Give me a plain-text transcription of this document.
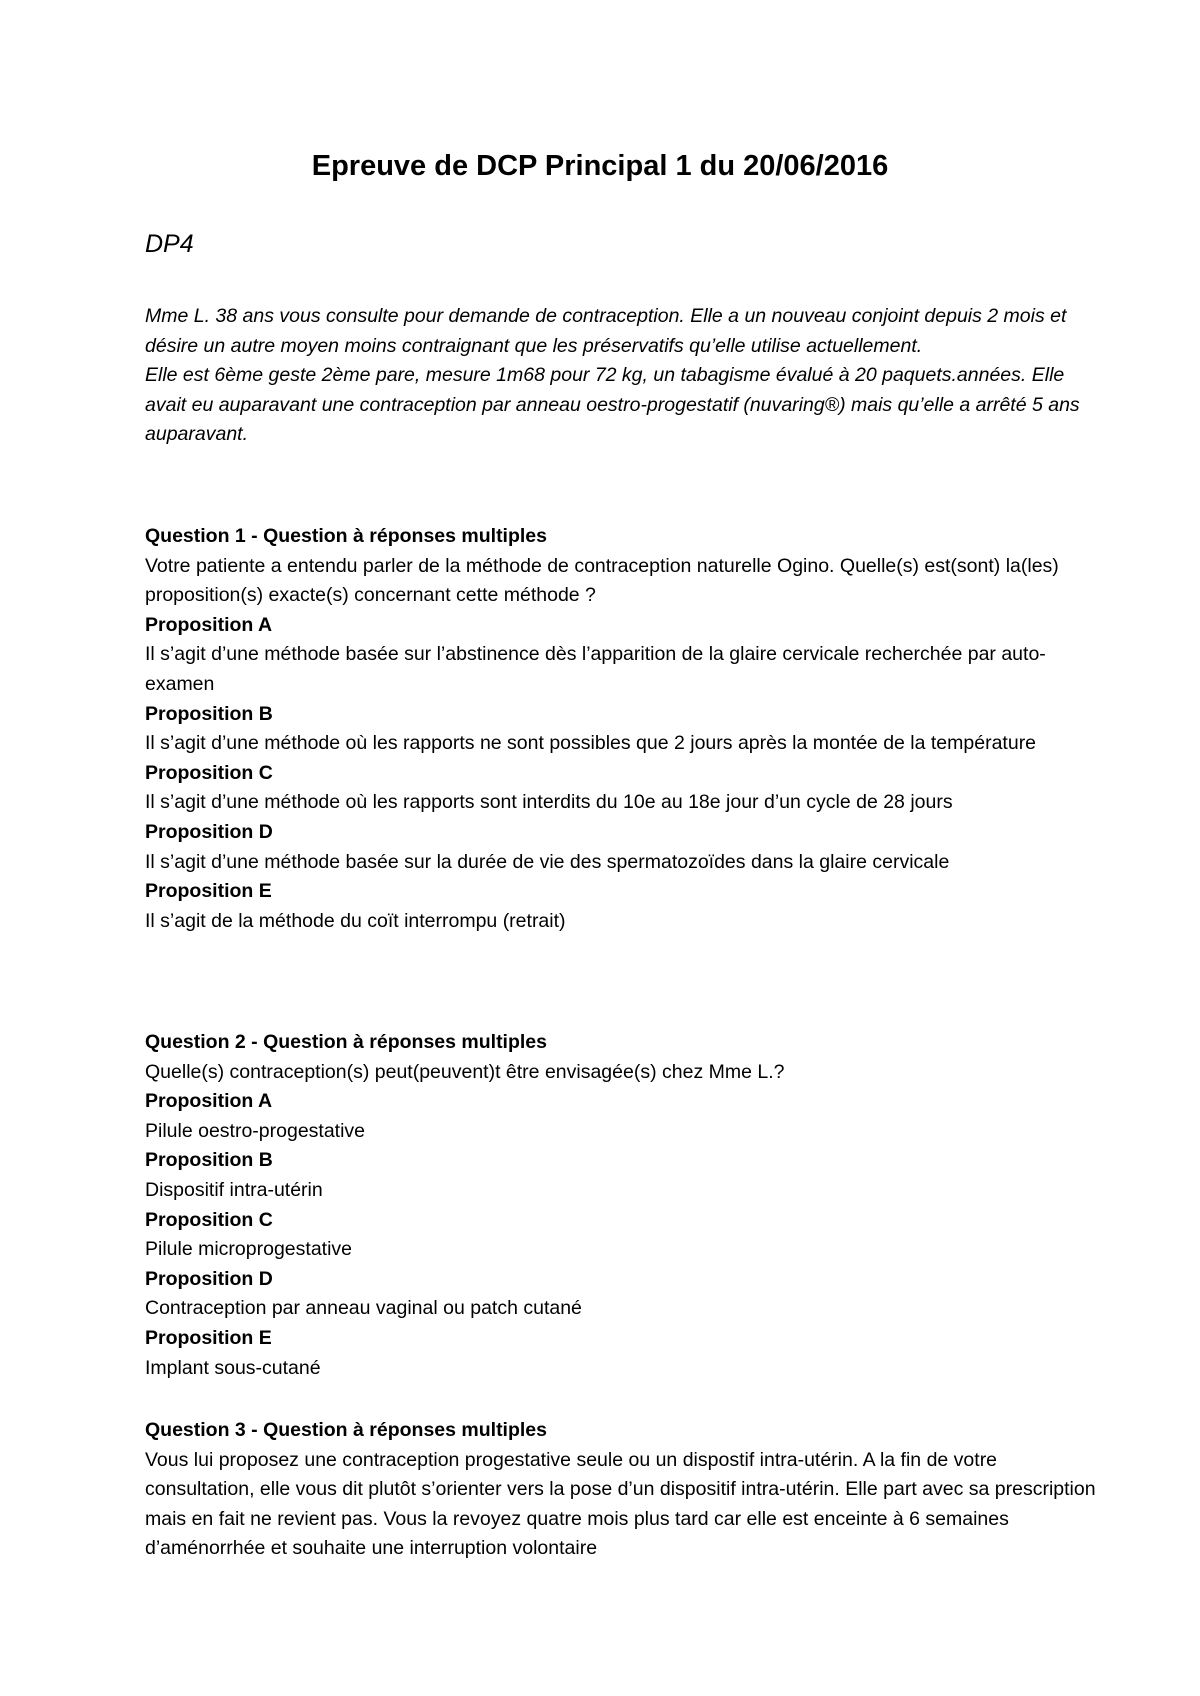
Epreuve de DCP Principal 1 du 20/06/2016
DP4

Mme L. 38 ans vous consulte pour demande de contraception. Elle a un nouveau conjoint depuis 2 mois et désire un autre moyen moins contraignant que les préservatifs qu’elle utilise actuellement.

Elle est 6ème geste 2ème pare, mesure 1m68 pour 72 kg, un tabagisme évalué à 20 paquets.années. Elle avait eu auparavant une contraception par anneau oestro-progestatif (nuvaring®) mais qu’elle a arrêté 5 ans auparavant.

Question 1 - Question à réponses multiples
Votre patiente a entendu parler de la méthode de contraception naturelle Ogino. Quelle(s) est(sont) la(les) proposition(s) exacte(s) concernant cette méthode ?
Proposition A
Il s’agit d’une méthode basée sur l’abstinence dès l’apparition de la glaire cervicale recherchée par auto-examen
Proposition B
Il s’agit d’une méthode où les rapports ne sont possibles que 2 jours après la montée de la température
Proposition C
Il s’agit d’une méthode où les rapports sont interdits du 10e au 18e jour d’un cycle de 28 jours
Proposition D
Il s’agit d’une méthode basée sur la durée de vie des spermatozoïdes dans la glaire cervicale
Proposition E
Il s’agit de la méthode du coït interrompu (retrait)
Question 2 - Question à réponses multiples
Quelle(s) contraception(s) peut(peuvent)t être envisagée(s) chez Mme L.?
Proposition A
Pilule oestro-progestative
Proposition B
Dispositif intra-utérin
Proposition C
Pilule microprogestative
Proposition D
Contraception par anneau vaginal ou patch cutané
Proposition E
Implant sous-cutané
Question 3 - Question à réponses multiples
Vous lui proposez une contraception progestative seule ou un dispostif intra-utérin. A la fin de votre consultation, elle vous dit plutôt s’orienter vers la pose d’un dispositif intra-utérin. Elle part avec sa prescription mais en fait ne revient pas. Vous la revoyez quatre mois plus tard car elle est enceinte à 6 semaines d’aménorrhée et souhaite une interruption volontaire
